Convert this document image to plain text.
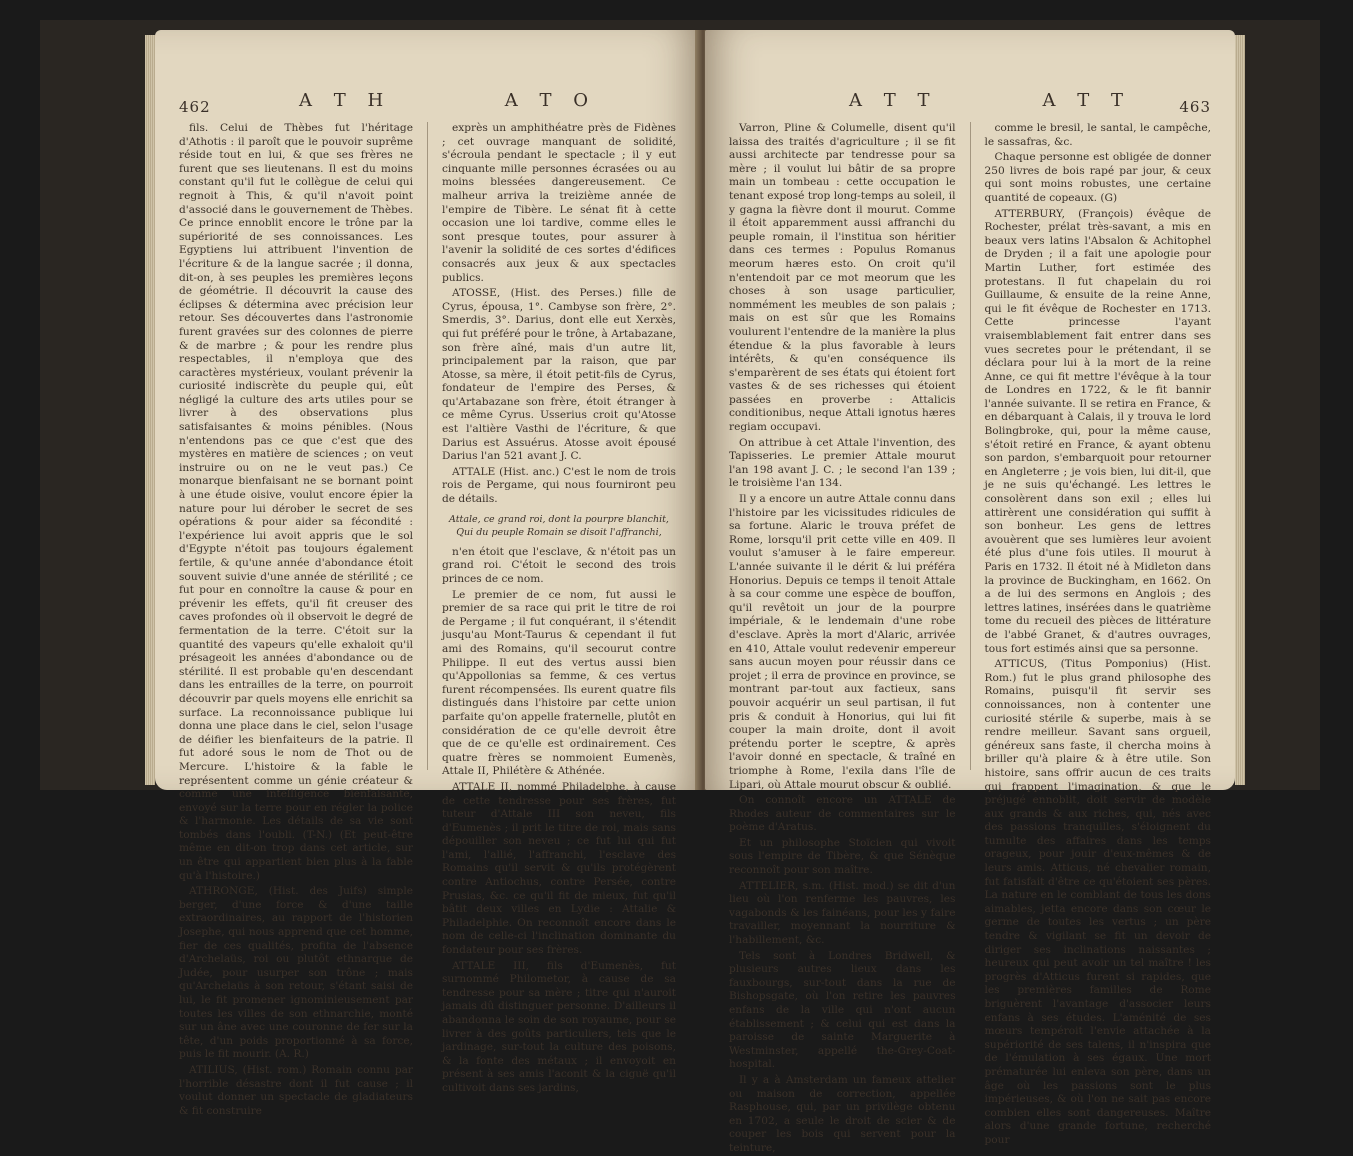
462	A T H	A T O

fils. Celui de Thèbes fut l'héritage d'Athotis : il paroît que le pouvoir suprême réside tout en lui, & que ses frères ne furent que ses lieutenans. Il est du moins constant qu'il fut le collègue de celui qui regnoit à This, & qu'il n'avoit point d'associé dans le gouvernement de Thèbes. Ce prince ennoblit encore le trône par la supériorité de ses connoissances. Les Egyptiens lui attribuent l'invention de l'écriture & de la langue sacrée ; il donna, dit-on, à ses peuples les premières leçons de géométrie. Il découvrit la cause des éclipses & détermina avec précision leur retour. Ses découvertes dans l'astronomie furent gravées sur des colonnes de pierre & de marbre ; & pour les rendre plus respectables, il n'employa que des caractères mystérieux, voulant prévenir la curiosité indiscrète du peuple qui, eût négligé la culture des arts utiles pour se livrer à des observations plus satisfaisantes & moins pénibles. (Nous n'entendons pas ce que c'est que des mystères en matière de sciences ; on veut instruire ou on ne le veut pas.) Ce monarque bienfaisant ne se bornant point à une étude oisive, voulut encore épier la nature pour lui dérober le secret de ses opérations & pour aider sa fécondité : l'expérience lui avoit appris que le sol d'Egypte n'étoit pas toujours également fertile, & qu'une année d'abondance étoit souvent suivie d'une année de stérilité ; ce fut pour en connoître la cause & pour en prévenir les effets, qu'il fit creuser des caves profondes où il observoit le degré de fermentation de la terre. C'étoit sur la quantité des vapeurs qu'elle exhaloit qu'il présageoit les années d'abondance ou de stérilité. Il est probable qu'en descendant dans les entrailles de la terre, on pourroit découvrir par quels moyens elle enrichit sa surface. La reconnoissance publique lui donna une place dans le ciel, selon l'usage de déifier les bienfaiteurs de la patrie. Il fut adoré sous le nom de Thot ou de Mercure. L'histoire & la fable le représentent comme un génie créateur & comme une intelligence bienfaisante, envoyé sur la terre pour en régler la police & l'harmonie. Les détails de sa vie sont tombés dans l'oubli. (T-N.) (Et peut-être même en dit-on trop dans cet article, sur un être qui appartient bien plus à la fable qu'à l'histoire.)

ATHRONGE, (Hist. des Juifs) simple berger, d'une force & d'une taille extraordinaires, au rapport de l'historien Josephe, qui nous apprend que cet homme, fier de ces qualités, profita de l'absence d'Archelaüs, roi ou plutôt ethnarque de Judée, pour usurper son trône ; mais qu'Archelaüs à son retour, s'étant saisi de lui, le fit promener ignominieusement par toutes les villes de son ethnarchie, monté sur un âne avec une couronne de fer sur la tête, d'un poids proportionné à sa force, puis le fit mourir. (A. R.)

ATILIUS, (Hist. rom.) Romain connu par l'horrible désastre dont il fut cause ; il voulut donner un spectacle de gladiateurs & fit construire

exprès un amphithéatre près de Fidènes ; cet ouvrage manquant de solidité, s'écroula pendant le spectacle ; il y eut cinquante mille personnes écrasées ou au moins blessées dangereusement. Ce malheur arriva la treizième année de l'empire de Tibère. Le sénat fit à cette occasion une loi tardive, comme elles le sont presque toutes, pour assurer à l'avenir la solidité de ces sortes d'édifices consacrés aux jeux & aux spectacles publics.

ATOSSE, (Hist. des Perses.) fille de Cyrus, épousa, 1°. Cambyse son frère, 2°. Smerdis, 3°. Darius, dont elle eut Xerxès, qui fut préféré pour le trône, à Artabazane, son frère aîné, mais d'un autre lit, principalement par la raison, que par Atosse, sa mère, il étoit petit-fils de Cyrus, fondateur de l'empire des Perses, & qu'Artabazane son frère, étoit étranger à ce même Cyrus. Usserius croit qu'Atosse est l'altière Vasthi de l'écriture, & que Darius est Assuérus. Atosse avoit épousé Darius l'an 521 avant J. C.

ATTALE (Hist. anc.) C'est le nom de trois rois de Pergame, qui nous fourniront peu de détails.

Attale, ce grand roi, dont la pourpre blanchit, Qui du peuple Romain se disoit l'affranchi,

n'en étoit que l'esclave, & n'étoit pas un grand roi. C'étoit le second des trois princes de ce nom.

Le premier de ce nom, fut aussi le premier de sa race qui prit le titre de roi de Pergame ; il fut conquérant, il s'étendit jusqu'au Mont-Taurus & cependant il fut ami des Romains, qu'il secourut contre Philippe. Il eut des vertus aussi bien qu'Appollonias sa femme, & ces vertus furent récompensées. Ils eurent quatre fils distingués dans l'histoire par cette union parfaite qu'on appelle fraternelle, plutôt en considération de ce qu'elle devroit être que de ce qu'elle est ordinairement. Ces quatre frères se nommoient Eumenès, Attale II, Philétère & Athénée.

ATTALE II, nommé Philadelphe, à cause de cette tendresse pour ses frères, fut tuteur d'Attale III son neveu, fils d'Eumenès ; il prit le titre de roi, mais sans dépouiller son neveu ; ce fut lui qui fut l'ami, l'allié, l'affranchi, l'esclave des Romains qu'il servit & qu'ils protégèrent contre Antiochus, contre Persée, contre Prusias, &c. ce qu'il fit de mieux, fut qu'il bâtit deux villes en Lydie : Attalie & Philadelphie. On reconnoît encore dans le nom de celle-ci l'inclination dominante du fondateur pour ses frères.

ATTALE III, fils d'Eumenès, fut surnommé Philometor, à cause de sa tendresse pour sa mère ; titre qui n'auroit jamais dû distinguer personne. D'ailleurs il abandonna le soin de son royaume, pour se livrer à des goûts particuliers, tels que le jardinage, sur-tout la culture des poisons, & la fonte des métaux ; il envoyoit en présent à ses amis l'aconit & la ciguë qu'il cultivoit dans ses jardins,

A T T	A T T	463

Varron, Pline & Columelle, disent qu'il laissa des traités d'agriculture ; il se fit aussi architecte par tendresse pour sa mère ; il voulut lui bâtir de sa propre main un tombeau : cette occupation le tenant exposé trop long-temps au soleil, il y gagna la fièvre dont il mourut. Comme il étoit apparemment aussi affranchi du peuple romain, il l'institua son héritier dans ces termes : Populus Romanus meorum hæres esto. On croit qu'il n'entendoit par ce mot meorum que les choses à son usage particulier, nommément les meubles de son palais ; mais on est sûr que les Romains voulurent l'entendre de la manière la plus étendue & la plus favorable à leurs intérêts, & qu'en conséquence ils s'emparèrent de ses états qui étoient fort vastes & de ses richesses qui étoient passées en proverbe : Attalicis conditionibus, neque Attali ignotus hæres regiam occupavi.

On attribue à cet Attale l'invention, des Tapisseries. Le premier Attale mourut l'an 198 avant J. C. ; le second l'an 139 ; le troisième l'an 134.

Il y a encore un autre Attale connu dans l'histoire par les vicissitudes ridicules de sa fortune. Alaric le trouva préfet de Rome, lorsqu'il prit cette ville en 409. Il voulut s'amuser à le faire empereur. L'année suivante il le dérit & lui préféra Honorius. Depuis ce temps il tenoit Attale à sa cour comme une espèce de bouffon, qu'il revêtoit un jour de la pourpre impériale, & le lendemain d'une robe d'esclave. Après la mort d'Alaric, arrivée en 410, Attale voulut redevenir empereur sans aucun moyen pour réussir dans ce projet ; il erra de province en province, se montrant par-tout aux factieux, sans pouvoir acquérir un seul partisan, il fut pris & conduit à Honorius, qui lui fit couper la main droite, dont il avoit prétendu porter le sceptre, & après l'avoir donné en spectacle, & traîné en triomphe à Rome, l'exila dans l'île de Lipari, où Attale mourut obscur & oublié.

On connoît encore un ATTALE de Rhodes auteur de commentaires sur le poème d'Aratus.

Et un philosophe Stoïcien qui vivoit sous l'empire de Tibère, & que Sénèque reconnoît pour son maître.

ATTELIER, s.m. (Hist. mod.) se dit d'un lieu où l'on renferme les pauvres, les vagabonds & les fainéans, pour les y faire travailler, moyennant la nourriture & l'habillement, &c.

Tels sont à Londres Bridwell, & plusieurs autres lieux dans les fauxbourgs, sur-tout dans la rue de Bishopsgate, où l'on retire les pauvres enfans de la ville qui n'ont aucun établissement ; & celui qui est dans la paroisse de sainte Marguerite à Westminster, appellé the-Grey-Coat-hospital.

Il y a à Amsterdam un fameux attelier ou maison de correction, appellée Rasphouse, qui, par un privilège obtenu en 1702, a seule le droit de scier & de couper les bois qui servent pour la teinture,

comme le bresil, le santal, le campêche, le sassafras, &c.

Chaque personne est obligée de donner 250 livres de bois rapé par jour, & ceux qui sont moins robustes, une certaine quantité de copeaux. (G)

ATTERBURY, (François) évêque de Rochester, prélat très-savant, a mis en beaux vers latins l'Absalon & Achitophel de Dryden ; il a fait une apologie pour Martin Luther, fort estimée des protestans. Il fut chapelain du roi Guillaume, & ensuite de la reine Anne, qui le fit évêque de Rochester en 1713. Cette princesse l'ayant vraisemblablement fait entrer dans ses vues secretes pour le prétendant, il se déclara pour lui à la mort de la reine Anne, ce qui fit mettre l'évêque à la tour de Londres en 1722, & le fit bannir l'année suivante. Il se retira en France, & en débarquant à Calais, il y trouva le lord Bolingbroke, qui, pour la même cause, s'étoit retiré en France, & ayant obtenu son pardon, s'embarquoit pour retourner en Angleterre ; je vois bien, lui dit-il, que je ne suis qu'échangé. Les lettres le consolèrent dans son exil ; elles lui attirèrent une considération qui suffit à son bonheur. Les gens de lettres avouèrent que ses lumières leur avoient été plus d'une fois utiles. Il mourut à Paris en 1732. Il étoit né à Midleton dans la province de Buckingham, en 1662. On a de lui des sermons en Anglois ; des lettres latines, insérées dans le quatrième tome du recueil des pièces de littérature de l'abbé Granet, & d'autres ouvrages, tous fort estimés ainsi que sa personne.

ATTICUS, (Titus Pomponius) (Hist. Rom.) fut le plus grand philosophe des Romains, puisqu'il fit servir ses connoissances, non à contenter une curiosité stérile & superbe, mais à se rendre meilleur. Savant sans orgueil, généreux sans faste, il chercha moins à briller qu'à plaire & à être utile. Son histoire, sans offrir aucun de ces traits qui frappent l'imagination, & que le préjugé ennoblit, doit servir de modèle aux grands & aux riches, qui, nés avec des passions tranquilles, s'éloignent du tumulte des affaires dans les temps orageux, pour jouir d'eux-mêmes & de leurs amis. Atticus, né chevalier romain, fut fatisfait d'être ce qu'étoient ses pères. La nature en le comblant de tous les dons aimables, jetta encore dans son cœur le germe de toutes les vertus ; un père tendre & vigilant se fit un devoir de diriger ses inclinations naissantes ; heureux qui peut avoir un tel maître ! les progrès d'Atticus furent si rapides, que les premières familles de Rome briguèrent l'avantage d'associer leurs enfans à ses études. L'aménité de ses mœurs tempéroit l'envie attachée à la supériorité de ses talens, il n'inspira que de l'émulation à ses égaux. Une mort prématurée lui enleva son père, dans un âge où les passions sont le plus impérieuses, & où l'on ne sait pas encore combien elles sont dangereuses. Maître alors d'une grande fortune, recherché pour
